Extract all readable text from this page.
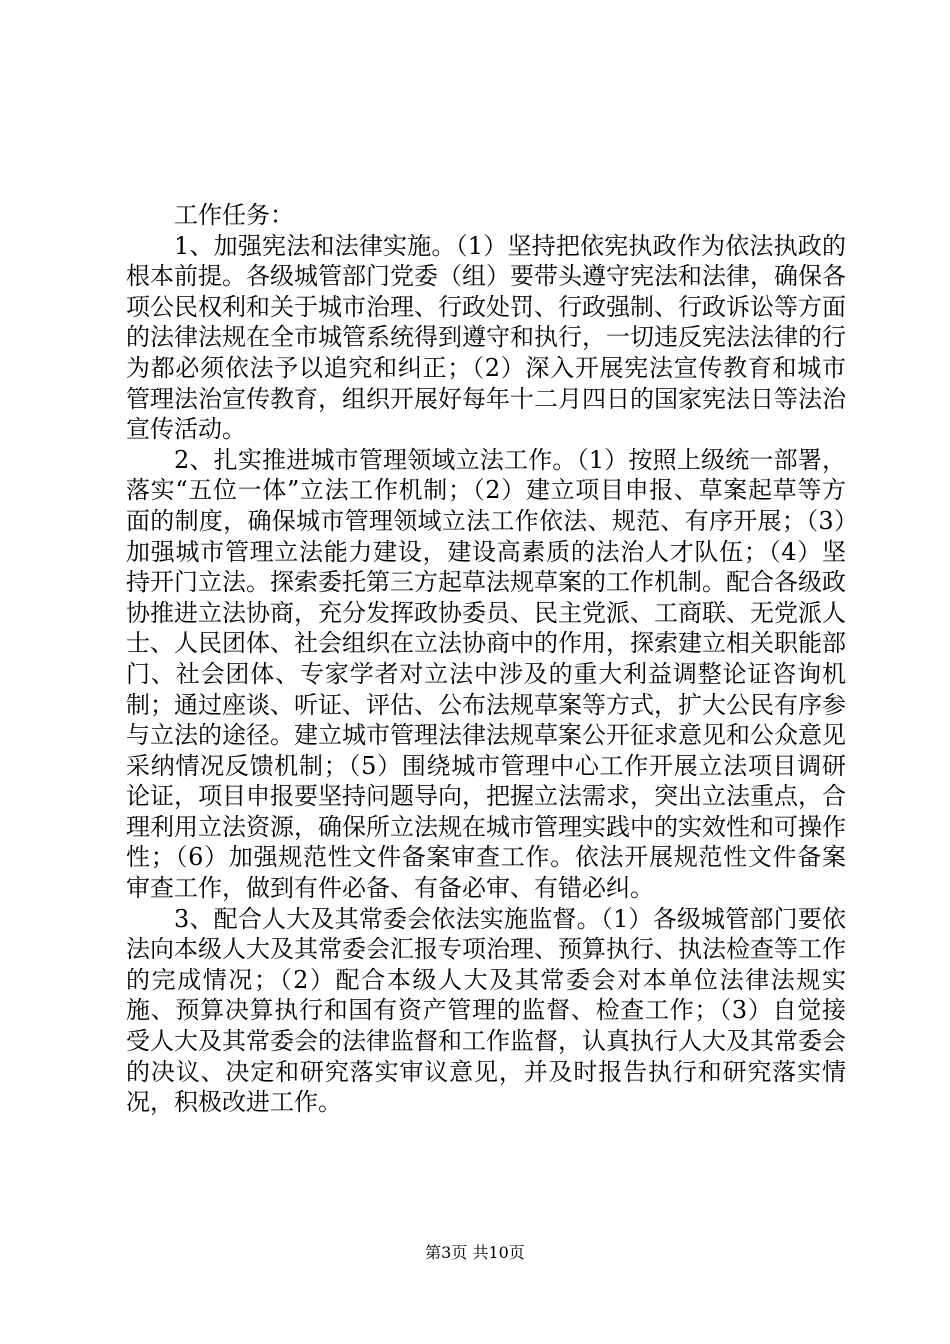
工作任务：

1、加强宪法和法律实施。（1）坚持把依宪执政作为依法执政的根本前提。各级城管部门党委（组）要带头遵守宪法和法律，确保各项公民权利和关于城市治理、行政处罚、行政强制、行政诉讼等方面的法律法规在全市城管系统得到遵守和执行，一切违反宪法法律的行为都必须依法予以追究和纠正；（2）深入开展宪法宣传教育和城市管理法治宣传教育，组织开展好每年十二月四日的国家宪法日等法治宣传活动。

2、扎实推进城市管理领域立法工作。（1）按照上级统一部署，落实“五位一体”立法工作机制；（2）建立项目申报、草案起草等方面的制度，确保城市管理领域立法工作依法、规范、有序开展；（3）加强城市管理立法能力建设，建设高素质的法治人才队伍；（4）坚持开门立法。探索委托第三方起草法规草案的工作机制。配合各级政协推进立法协商，充分发挥政协委员、民主党派、工商联、无党派人士、人民团体、社会组织在立法协商中的作用，探索建立相关职能部门、社会团体、专家学者对立法中涉及的重大利益调整论证咨询机制；通过座谈、听证、评估、公布法规草案等方式，扩大公民有序参与立法的途径。建立城市管理法律法规草案公开征求意见和公众意见采纳情况反馈机制；（5）围绕城市管理中心工作开展立法项目调研论证，项目申报要坚持问题导向，把握立法需求，突出立法重点，合理利用立法资源，确保所立法规在城市管理实践中的实效性和可操作性；（6）加强规范性文件备案审查工作。依法开展规范性文件备案审查工作，做到有件必备、有备必审、有错必纠。

3、配合人大及其常委会依法实施监督。（1）各级城管部门要依法向本级人大及其常委会汇报专项治理、预算执行、执法检查等工作的完成情况；（2）配合本级人大及其常委会对本单位法律法规实施、预算决算执行和国有资产管理的监督、检查工作；（3）自觉接受人大及其常委会的法律监督和工作监督，认真执行人大及其常委会的决议、决定和研究落实审议意见，并及时报告执行和研究落实情况，积极改进工作。

第3页 共10页
